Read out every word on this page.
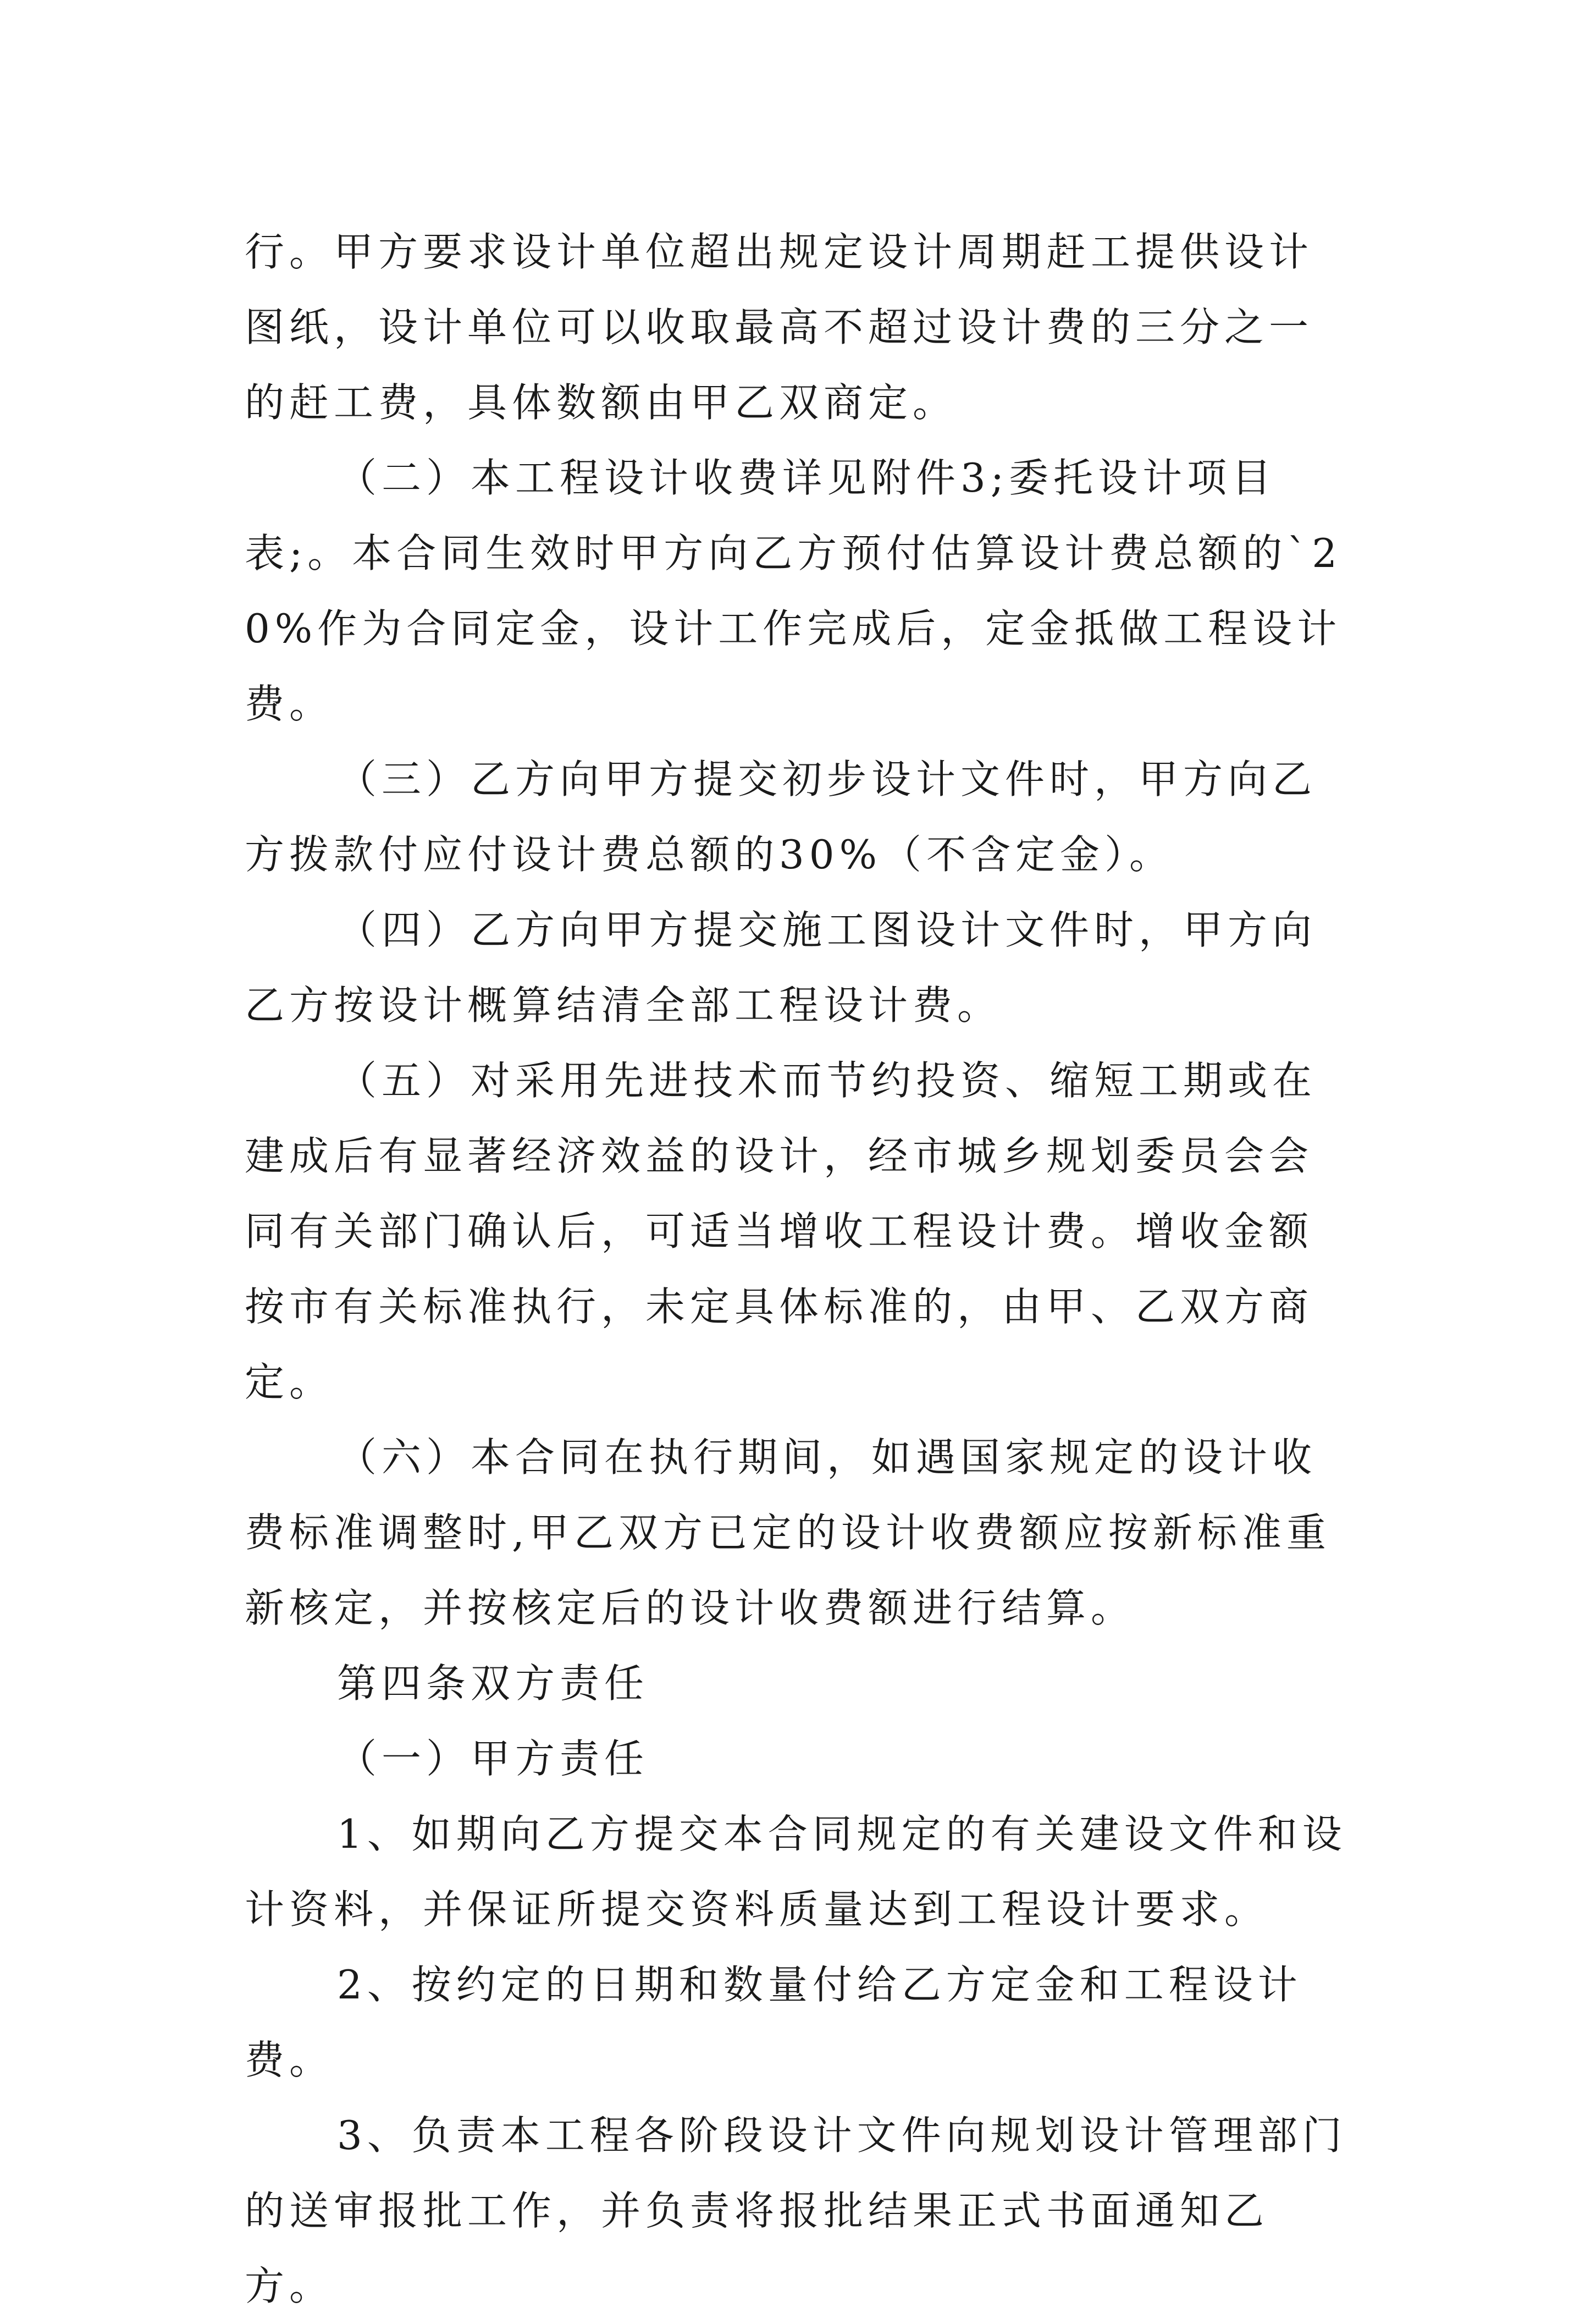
行。甲方要求设计单位超出规定设计周期赶工提供设计图纸，设计单位可以收取最高不超过设计费的三分之一的赶工费，具体数额由甲乙双商定。

（二）本工程设计收费详见附件3;委托设计项目表;。本合同生效时甲方向乙方预付估算设计费总额的`20%作为合同定金，设计工作完成后，定金抵做工程设计费。

（三）乙方向甲方提交初步设计文件时，甲方向乙方拨款付应付设计费总额的30%（不含定金）。

（四）乙方向甲方提交施工图设计文件时，甲方向乙方按设计概算结清全部工程设计费。

（五）对采用先进技术而节约投资、缩短工期或在建成后有显著经济效益的设计，经市城乡规划委员会会同有关部门确认后，可适当增收工程设计费。增收金额按市有关标准执行，未定具体标准的，由甲、乙双方商定。

（六）本合同在执行期间，如遇国家规定的设计收费标准调整时,甲乙双方已定的设计收费额应按新标准重新核定，并按核定后的设计收费额进行结算。

第四条双方责任

（一）甲方责任

1、如期向乙方提交本合同规定的有关建设文件和设计资料，并保证所提交资料质量达到工程设计要求。

2、按约定的日期和数量付给乙方定金和工程设计费。

3、负责本工程各阶段设计文件向规划设计管理部门的送审报批工作，并负责将报批结果正式书面通知乙方。
